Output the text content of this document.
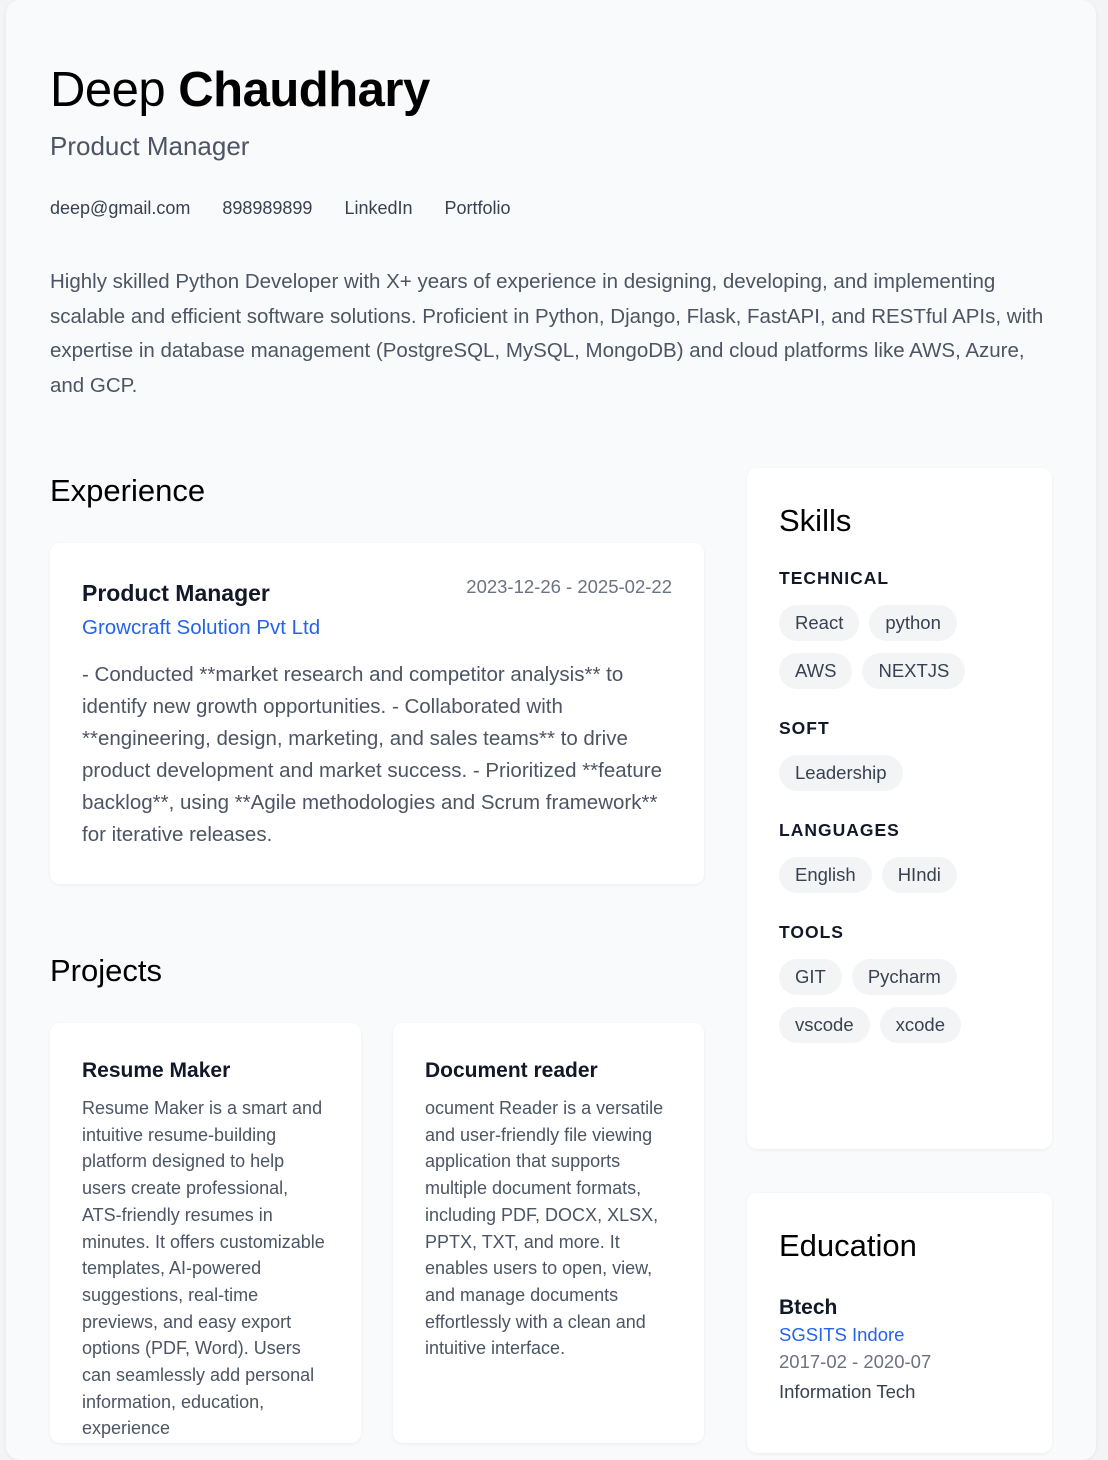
Deep Chaudhary
Product Manager
deep@gmail.com 898989899 LinkedIn Portfolio

Highly skilled Python Developer with X+ years of experience in designing, developing, and implementing scalable and efficient software solutions. Proficient in Python, Django, Flask, FastAPI, and RESTful APIs, with expertise in database management (PostgreSQL, MySQL, MongoDB) and cloud platforms like AWS, Azure, and GCP.

Experience
Product Manager	2023-12-26 - 2025-02-22
Growcraft Solution Pvt Ltd

- Conducted **market research and competitor analysis** to identify new growth opportunities. - Collaborated with **engineering, design, marketing, and sales teams** to drive product development and market success. - Prioritized **feature backlog**, using **Agile methodologies and Scrum framework** for iterative releases.

Projects
Resume Maker

Resume Maker is a smart and intuitive resume-building platform designed to help users create professional, ATS-friendly resumes in minutes. It offers customizable templates, AI-powered suggestions, real-time previews, and easy export options (PDF, Word). Users can seamlessly add personal information, education, experience

Document reader

ocument Reader is a versatile and user-friendly file viewing application that supports multiple document formats, including PDF, DOCX, XLSX, PPTX, TXT, and more. It enables users to open, view, and manage documents effortlessly with a clean and intuitive interface.

Skills
TECHNICAL
React	python
AWS	NEXTJS
SOFT
Leadership
LANGUAGES
English	HIndi
TOOLS
GIT	Pycharm
vscode	xcode
Education
Btech
SGSITS Indore
2017-02 - 2020-07
Information Tech
